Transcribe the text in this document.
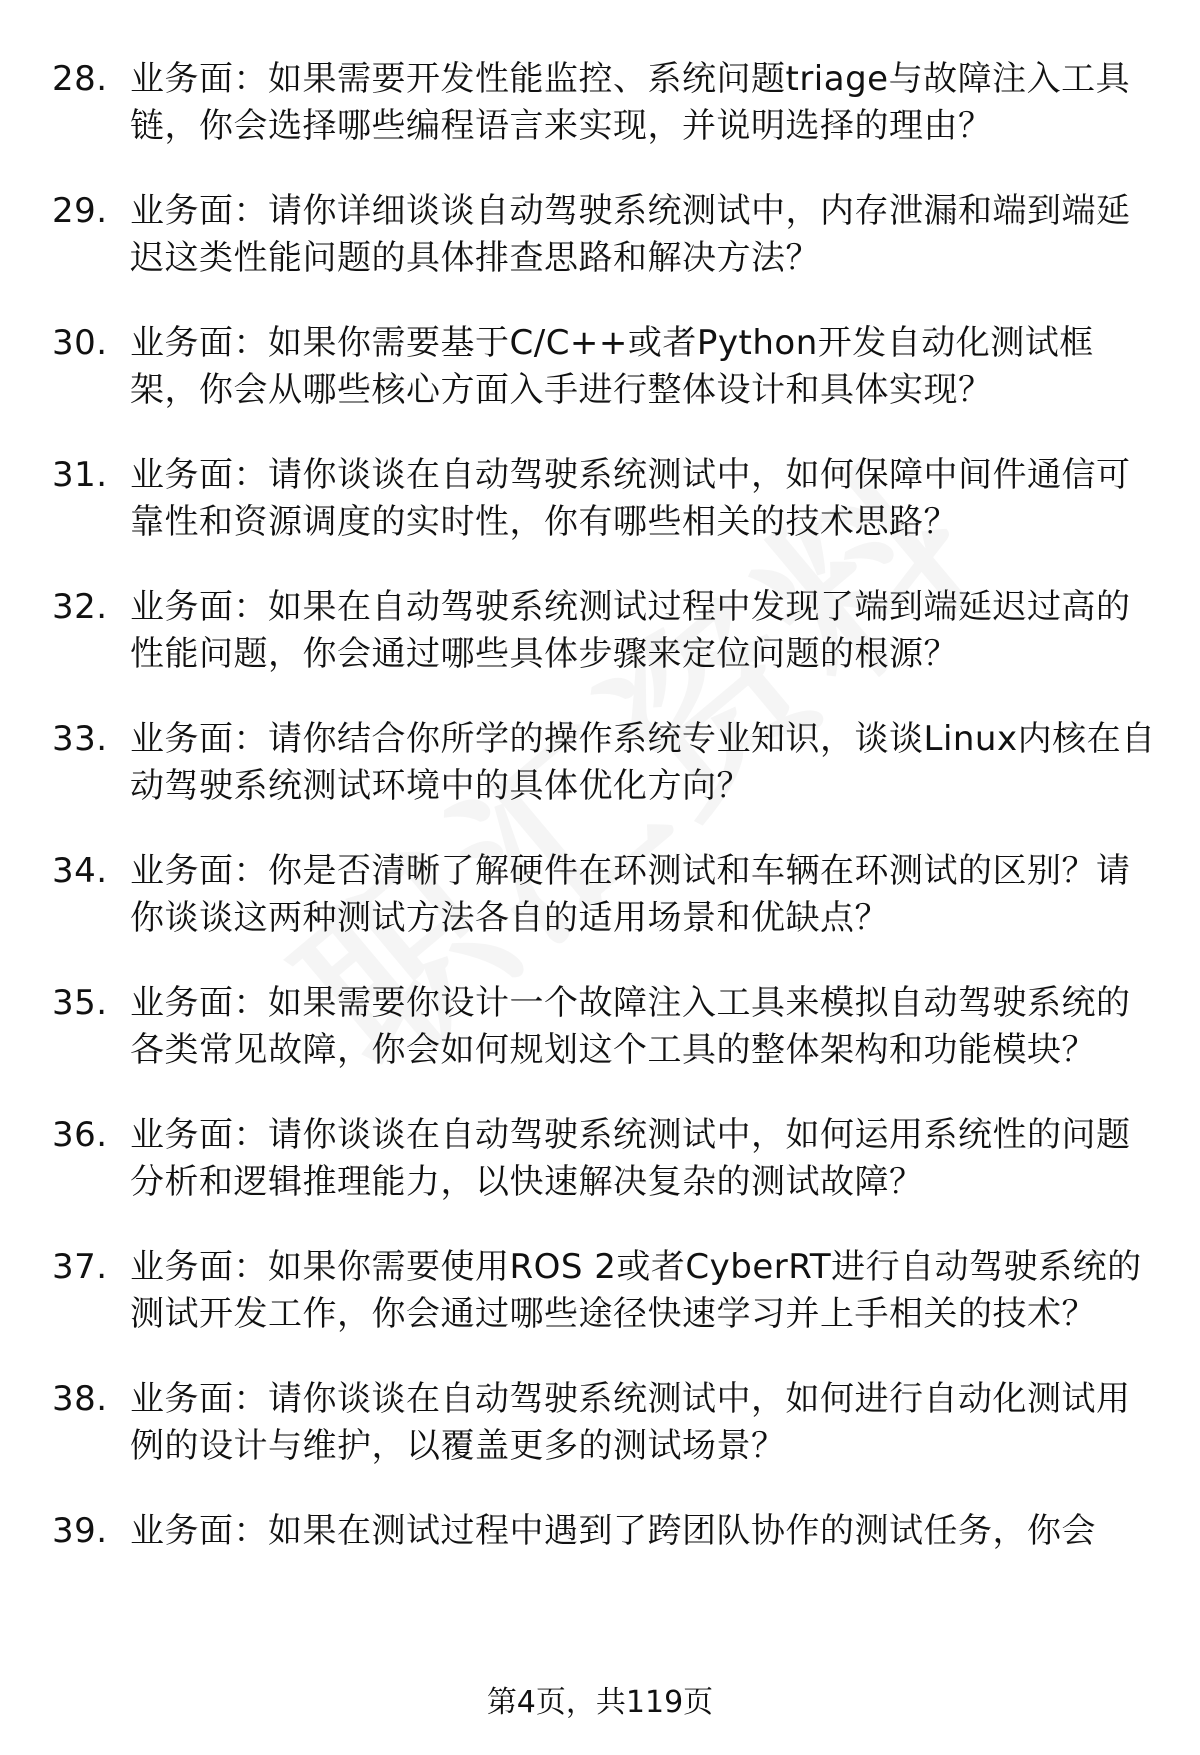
28. 业务面：如果需要开发性能监控、系统问题triage与故障注入工具链，你会选择哪些编程语言来实现，并说明选择的理由？
29. 业务面：请你详细谈谈自动驾驶系统测试中，内存泄漏和端到端延迟这类性能问题的具体排查思路和解决方法？
30. 业务面：如果你需要基于C/C++或者Python开发自动化测试框架，你会从哪些核心方面入手进行整体设计和具体实现？
31. 业务面：请你谈谈在自动驾驶系统测试中，如何保障中间件通信可靠性和资源调度的实时性，你有哪些相关的技术思路？
32. 业务面：如果在自动驾驶系统测试过程中发现了端到端延迟过高的性能问题，你会通过哪些具体步骤来定位问题的根源？
33. 业务面：请你结合你所学的操作系统专业知识，谈谈Linux内核在自动驾驶系统测试环境中的具体优化方向？
34. 业务面：你是否清晰了解硬件在环测试和车辆在环测试的区别？请你谈谈这两种测试方法各自的适用场景和优缺点？
35. 业务面：如果需要你设计一个故障注入工具来模拟自动驾驶系统的各类常见故障，你会如何规划这个工具的整体架构和功能模块？
36. 业务面：请你谈谈在自动驾驶系统测试中，如何运用系统性的问题分析和逻辑推理能力，以快速解决复杂的测试故障？
37. 业务面：如果你需要使用ROS 2或者CyberRT进行自动驾驶系统的测试开发工作，你会通过哪些途径快速学习并上手相关的技术？
38. 业务面：请你谈谈在自动驾驶系统测试中，如何进行自动化测试用例的设计与维护，以覆盖更多的测试场景？
39. 业务面：如果在测试过程中遇到了跨团队协作的测试任务，你会
第4页，共119页
